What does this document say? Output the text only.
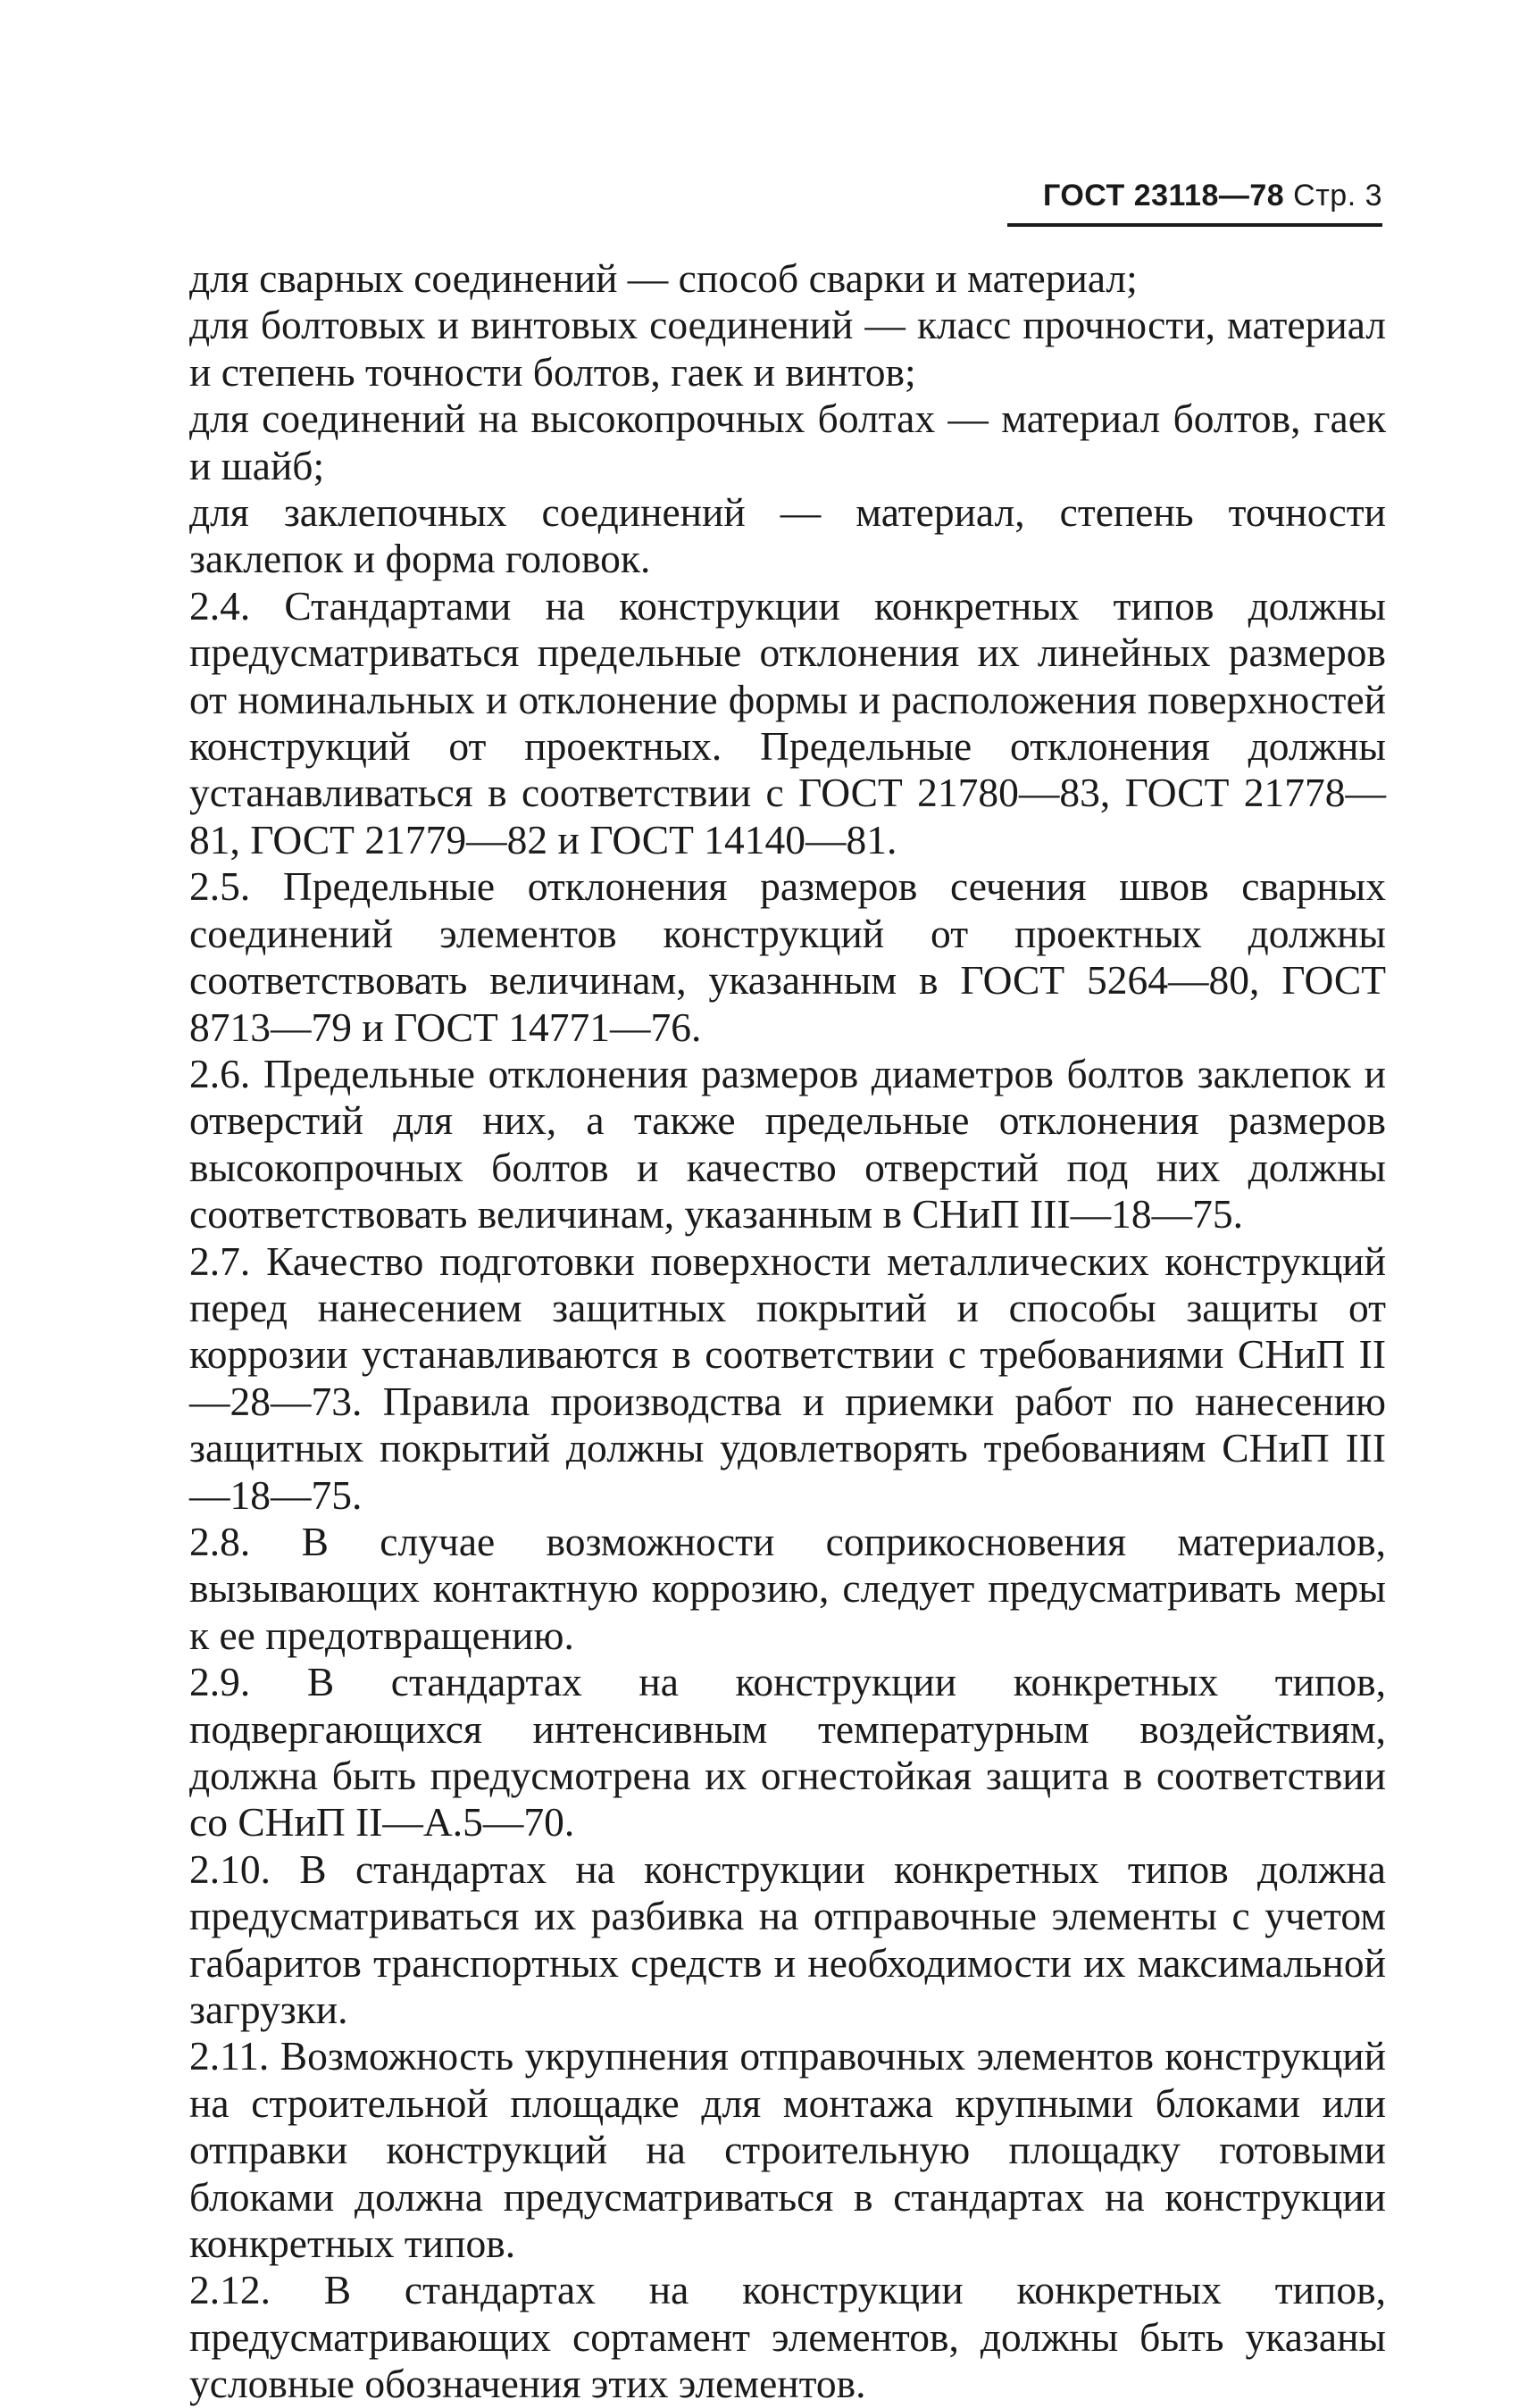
ГОСТ 23118—78 Стр. 3

для сварных соединений — способ сварки и материал;

для болтовых и винтовых соединений — класс прочности, материал и степень точности болтов, гаек и винтов;

для соединений на высокопрочных болтах — материал болтов, гаек и шайб;

для заклепочных соединений — материал, степень точности заклепок и форма головок.

2.4. Стандартами на конструкции конкретных типов должны предусматриваться предельные отклонения их линейных размеров от номинальных и отклонение формы и расположения поверхностей конструкций от проектных. Предельные отклонения должны устанавливаться в соответствии с ГОСТ 21780—83, ГОСТ 21778—81, ГОСТ 21779—82 и ГОСТ 14140—81.

2.5. Предельные отклонения размеров сечения швов сварных соединений элементов конструкций от проектных должны соответствовать величинам, указанным в ГОСТ 5264—80, ГОСТ 8713—79 и ГОСТ 14771—76.

2.6. Предельные отклонения размеров диаметров болтов заклепок и отверстий для них, а также предельные отклонения размеров высокопрочных болтов и качество отверстий под них должны соответствовать величинам, указанным в СНиП III—18—75.

2.7. Качество подготовки поверхности металлических конструкций перед нанесением защитных покрытий и способы защиты от коррозии устанавливаются в соответствии с требованиями СНиП II—28—73. Правила производства и приемки работ по нанесению защитных покрытий должны удовлетворять требованиям СНиП III—18—75.

2.8. В случае возможности соприкосновения материалов, вызывающих контактную коррозию, следует предусматривать меры к ее предотвращению.

2.9. В стандартах на конструкции конкретных типов, подвергающихся интенсивным температурным воздействиям, должна быть предусмотрена их огнестойкая защита в соответствии со СНиП II—А.5—70.

2.10. В стандартах на конструкции конкретных типов должна предусматриваться их разбивка на отправочные элементы с учетом габаритов транспортных средств и необходимости их максимальной загрузки.

2.11. Возможность укрупнения отправочных элементов конструкций на строительной площадке для монтажа крупными блоками или отправки конструкций на строительную площадку готовыми блоками должна предусматриваться в стандартах на конструкции конкретных типов.

2.12. В стандартах на конструкции конкретных типов, предусматривающих сортамент элементов, должны быть указаны условные обозначения этих элементов.
